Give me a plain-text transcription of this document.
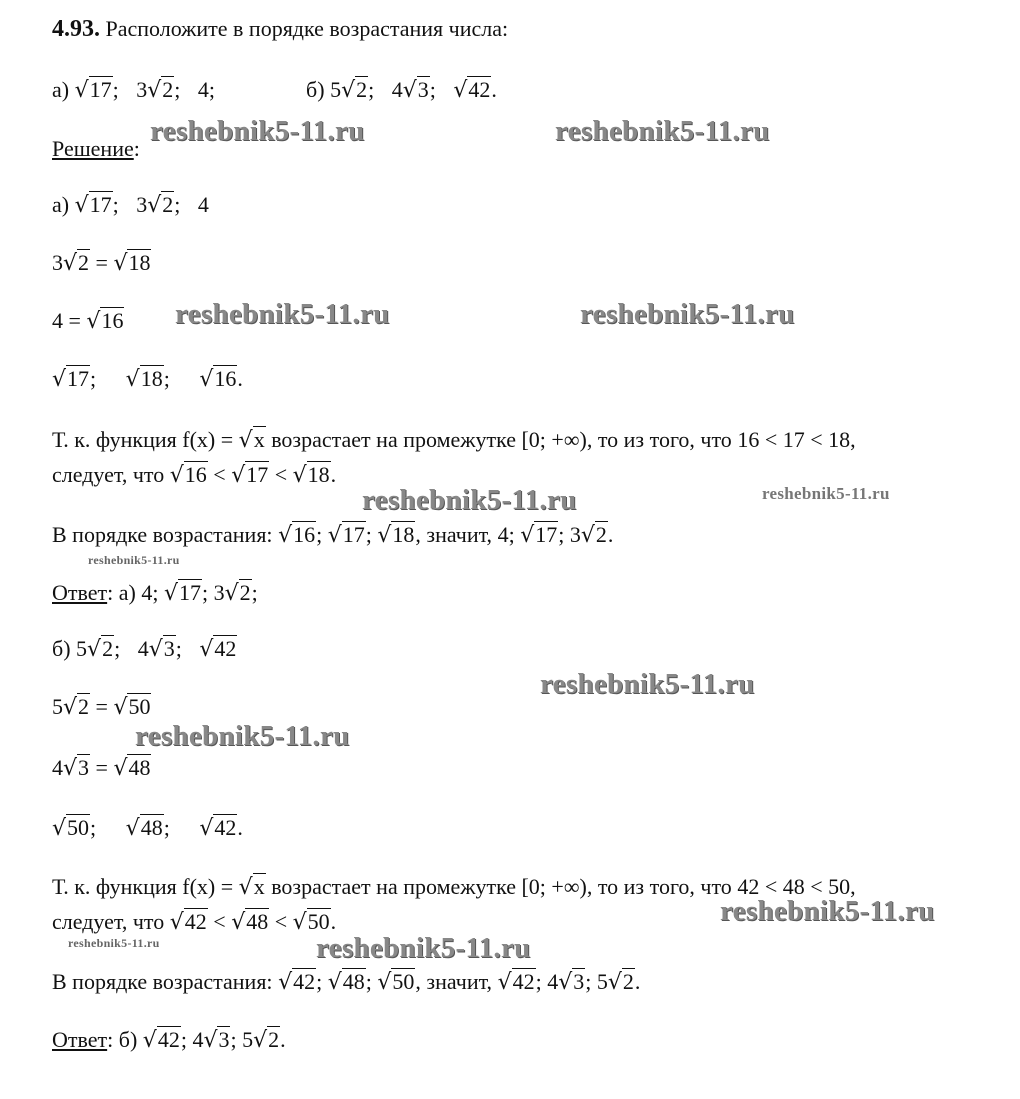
4.93. Расположите в порядке возрастания числа:
а) √17; 3√2; 4;	б) 5√2; 4√3; √42.
Решение:
а) √17; 3√2; 4
3√2 = √18
4 = √16
√17; √18; √16.
Т. к. функция f(x) = √x возрастает на промежутке [0; +∞), то из того, что 16 < 17 < 18,
следует, что √16 < √17 < √18.
В порядке возрастания: √16; √17; √18, значит, 4; √17; 3√2.
Ответ: а) 4; √17; 3√2;
б) 5√2; 4√3; √42
5√2 = √50
4√3 = √48
√50; √48; √42.
Т. к. функция f(x) = √x возрастает на промежутке [0; +∞), то из того, что 42 < 48 < 50,
следует, что √42 < √48 < √50.
В порядке возрастания: √42; √48; √50, значит, √42; 4√3; 5√2.
Ответ: б) √42; 4√3; 5√2.
reshebnik5-11.ru	reshebnik5-11.ru
reshebnik5-11.ru	reshebnik5-11.ru
reshebnik5-11.ru	reshebnik5-11.ru
reshebnik5-11.ru
reshebnik5-11.ru
reshebnik5-11.ru
reshebnik5-11.ru
reshebnik5-11.ru	reshebnik5-11.ru
